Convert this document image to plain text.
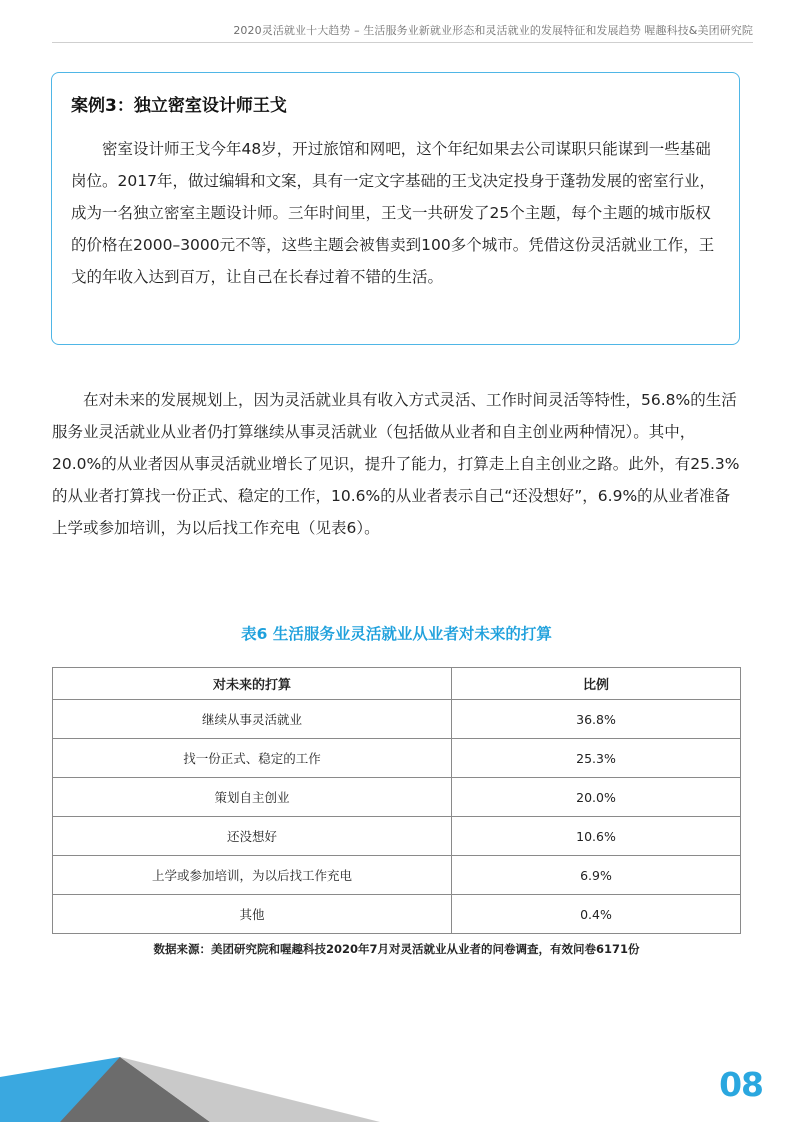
2020灵活就业十大趋势 – 生活服务业新就业形态和灵活就业的发展特征和发展趋势 喔趣科技&美团研究院
案例3：独立密室设计师王戈

密室设计师王戈今年48岁，开过旅馆和网吧，这个年纪如果去公司谋职只能谋到一些基础岗位。2017年，做过编辑和文案，具有一定文字基础的王戈决定投身于蓬勃发展的密室行业，成为一名独立密室主题设计师。三年时间里，王戈一共研发了25个主题，每个主题的城市版权的价格在2000–3000元不等，这些主题会被售卖到100多个城市。凭借这份灵活就业工作，王戈的年收入达到百万，让自己在长春过着不错的生活。

在对未来的发展规划上，因为灵活就业具有收入方式灵活、工作时间灵活等特性，56.8%的生活服务业灵活就业从业者仍打算继续从事灵活就业（包括做从业者和自主创业两种情况）。其中，20.0%的从业者因从事灵活就业增长了见识，提升了能力，打算走上自主创业之路。此外，有25.3%的从业者打算找一份正式、稳定的工作，10.6%的从业者表示自己“还没想好”，6.9%的从业者准备上学或参加培训，为以后找工作充电（见表6）。

表6 生活服务业灵活就业从业者对未来的打算
对未来的打算	比例
继续从事灵活就业	36.8%
找一份正式、稳定的工作	25.3%
策划自主创业	20.0%
还没想好	10.6%
上学或参加培训，为以后找工作充电	6.9%
其他	0.4%

数据来源：美团研究院和喔趣科技2020年7月对灵活就业从业者的问卷调查，有效问卷6171份

08
